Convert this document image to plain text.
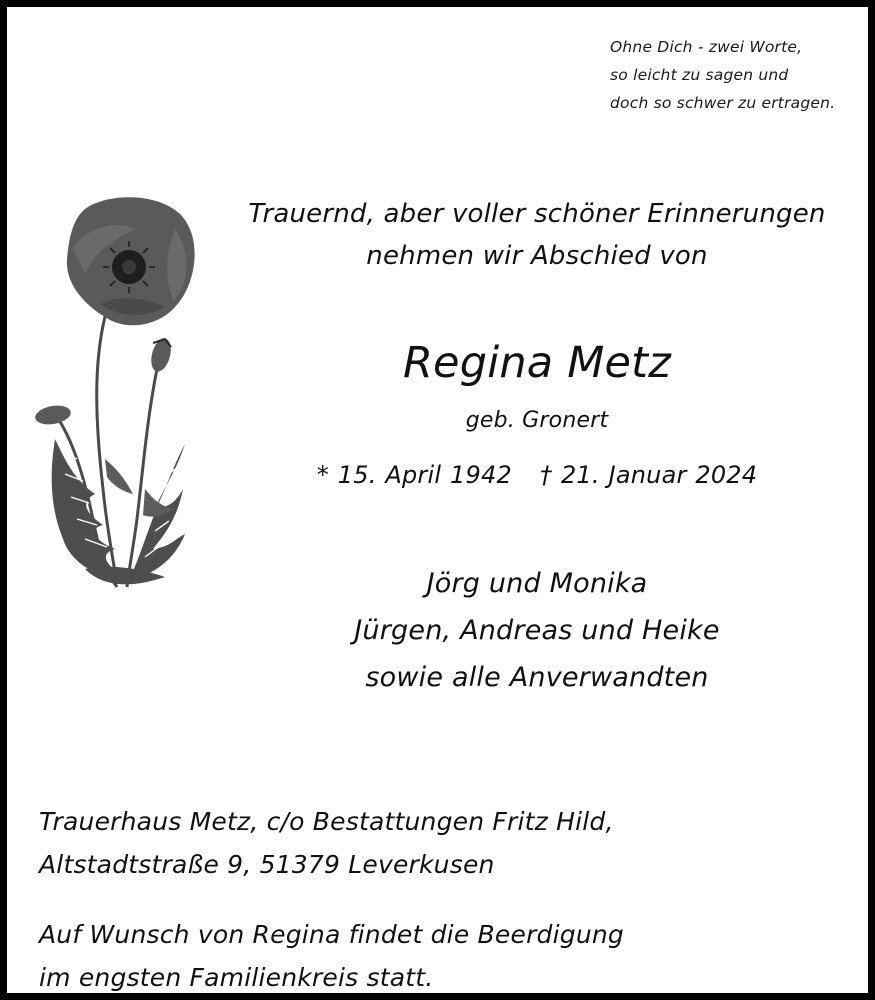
Ohne Dich - zwei Worte,
so leicht zu sagen und
doch so schwer zu ertragen.
Trauernd, aber voller schöner Erinnerungen
nehmen wir Abschied von
Regina Metz
geb. Gronert
* 15. April 1942 † 21. Januar 2024
Jörg und Monika
Jürgen, Andreas und Heike
sowie alle Anverwandten
Trauerhaus Metz, c/o Bestattungen Fritz Hild,
Altstadtstraße 9, 51379 Leverkusen
Auf Wunsch von Regina findet die Beerdigung
im engsten Familienkreis statt.
